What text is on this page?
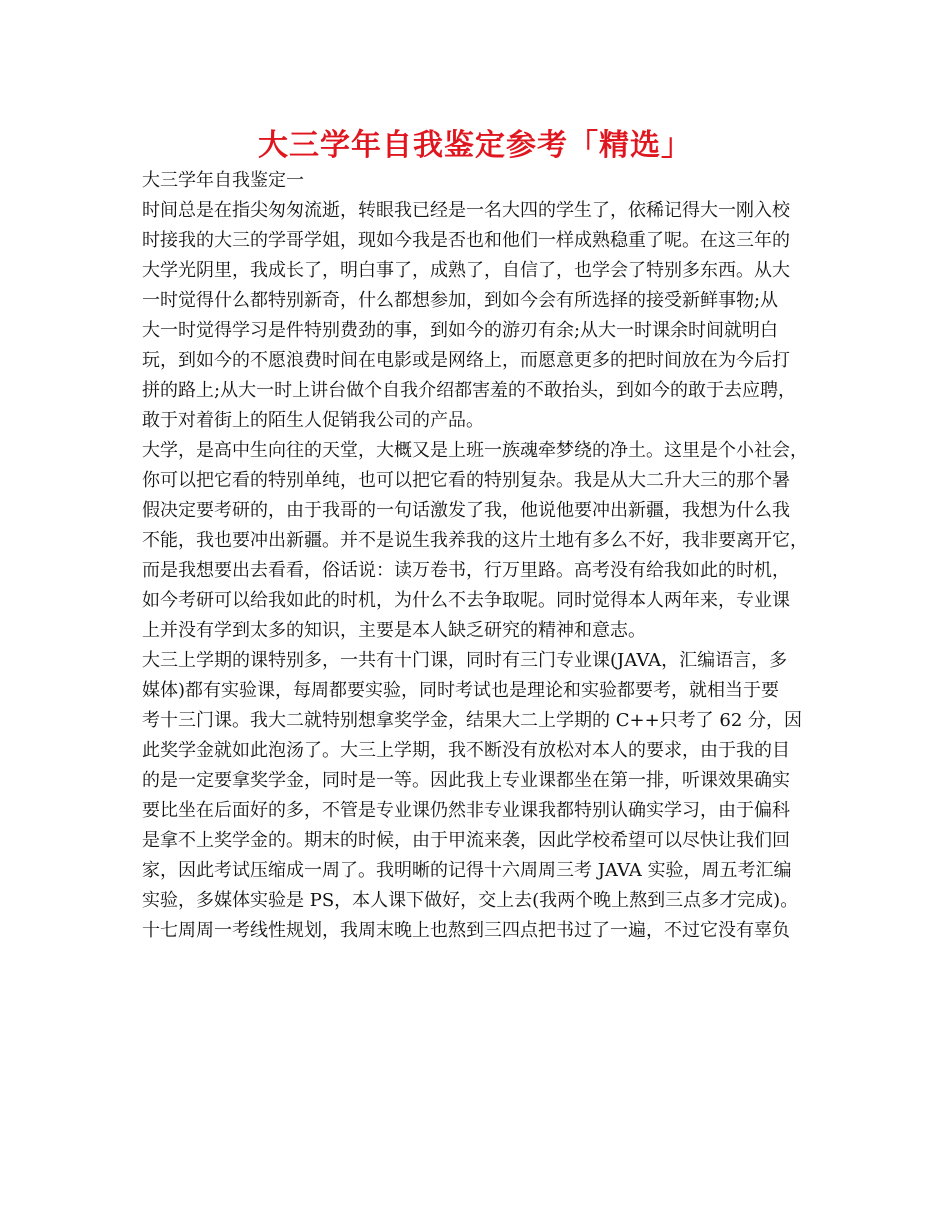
大三学年自我鉴定参考「精选」
大三学年自我鉴定一
时间总是在指尖匆匆流逝，转眼我已经是一名大四的学生了，依稀记得大一刚入校
时接我的大三的学哥学姐，现如今我是否也和他们一样成熟稳重了呢。在这三年的
大学光阴里，我成长了，明白事了，成熟了，自信了，也学会了特别多东西。从大
一时觉得什么都特别新奇，什么都想参加，到如今会有所选择的接受新鲜事物;从
大一时觉得学习是件特别费劲的事，到如今的游刃有余;从大一时课余时间就明白
玩，到如今的不愿浪费时间在电影或是网络上，而愿意更多的把时间放在为今后打
拼的路上;从大一时上讲台做个自我介绍都害羞的不敢抬头，到如今的敢于去应聘，
敢于对着街上的陌生人促销我公司的产品。
大学，是高中生向往的天堂，大概又是上班一族魂牵梦绕的净土。这里是个小社会，
你可以把它看的特别单纯，也可以把它看的特别复杂。我是从大二升大三的那个暑
假决定要考研的，由于我哥的一句话激发了我，他说他要冲出新疆，我想为什么我
不能，我也要冲出新疆。并不是说生我养我的这片土地有多么不好，我非要离开它，
而是我想要出去看看，俗话说：读万卷书，行万里路。高考没有给我如此的时机，
如今考研可以给我如此的时机，为什么不去争取呢。同时觉得本人两年来，专业课
上并没有学到太多的知识，主要是本人缺乏研究的精神和意志。
大三上学期的课特别多，一共有十门课，同时有三门专业课(JAVA，汇编语言，多
媒体)都有实验课，每周都要实验，同时考试也是理论和实验都要考，就相当于要
考十三门课。我大二就特别想拿奖学金，结果大二上学期的 C++只考了 62 分，因
此奖学金就如此泡汤了。大三上学期，我不断没有放松对本人的要求，由于我的目
的是一定要拿奖学金，同时是一等。因此我上专业课都坐在第一排，听课效果确实
要比坐在后面好的多，不管是专业课仍然非专业课我都特别认确实学习，由于偏科
是拿不上奖学金的。期末的时候，由于甲流来袭，因此学校希望可以尽快让我们回
家，因此考试压缩成一周了。我明晰的记得十六周周三考 JAVA 实验，周五考汇编
实验，多媒体实验是 PS，本人课下做好，交上去(我两个晚上熬到三点多才完成)。
十七周周一考线性规划，我周末晚上也熬到三四点把书过了一遍，不过它没有辜负
